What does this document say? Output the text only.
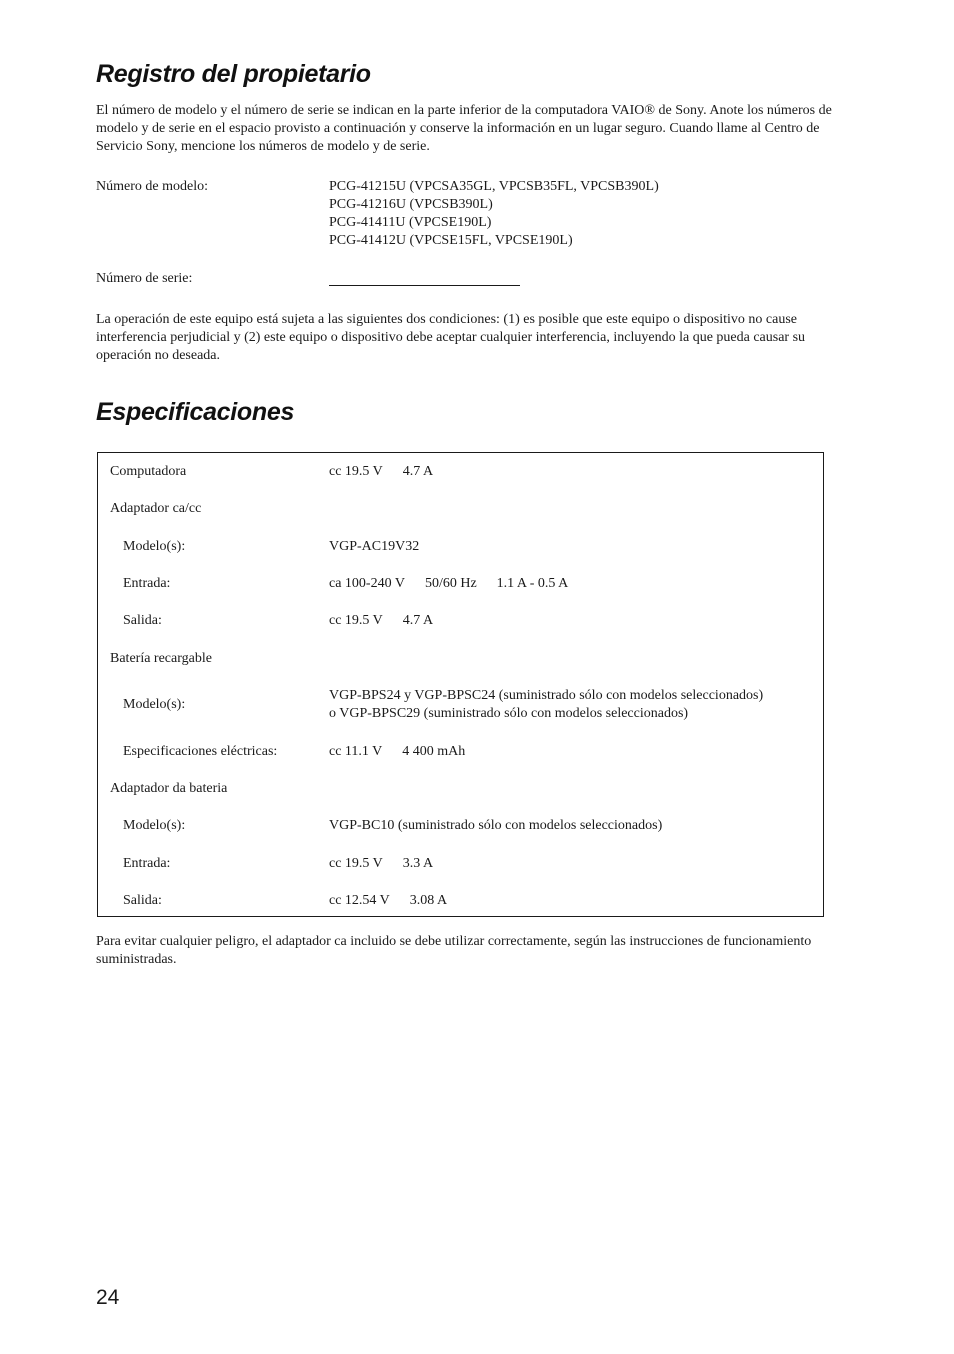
Registro del propietario

El número de modelo y el número de serie se indican en la parte inferior de la computadora VAIO® de Sony. Anote los números de modelo y de serie en el espacio provisto a continuación y conserve la información en un lugar seguro. Cuando llame al Centro de Servicio Sony, mencione los números de modelo y de serie.

Número de modelo:	PCG-41215U (VPCSA35GL, VPCSB35FL, VPCSB390L)
PCG-41216U (VPCSB390L)
PCG-41411U (VPCSE190L)
PCG-41412U (VPCSE15FL, VPCSE190L)
Número de serie:

La operación de este equipo está sujeta a las siguientes dos condiciones: (1) es posible que este equipo o dispositivo no cause interferencia perjudicial y (2) este equipo o dispositivo debe aceptar cualquier interferencia, incluyendo la que pueda causar su operación no deseada.

Especificaciones
Computadora	cc 19.5 V 4.7 A
Adaptador ca/cc
Modelo(s):	VGP-AC19V32
Entrada:	ca 100-240 V 50/60 Hz 1.1 A - 0.5 A
Salida:	cc 19.5 V 4.7 A
Batería recargable
Modelo(s):
VGP-BPS24 y VGP-BPSC24 (suministrado sólo con modelos seleccionados)
o VGP-BPSC29 (suministrado sólo con modelos seleccionados)
Especificaciones eléctricas:	cc 11.1 V 4 400 mAh
Adaptador da bateria
Modelo(s):	VGP-BC10 (suministrado sólo con modelos seleccionados)
Entrada:	cc 19.5 V 3.3 A
Salida:	cc 12.54 V 3.08 A

Para evitar cualquier peligro, el adaptador ca incluido se debe utilizar correctamente, según las instrucciones de funcionamiento suministradas.

24
